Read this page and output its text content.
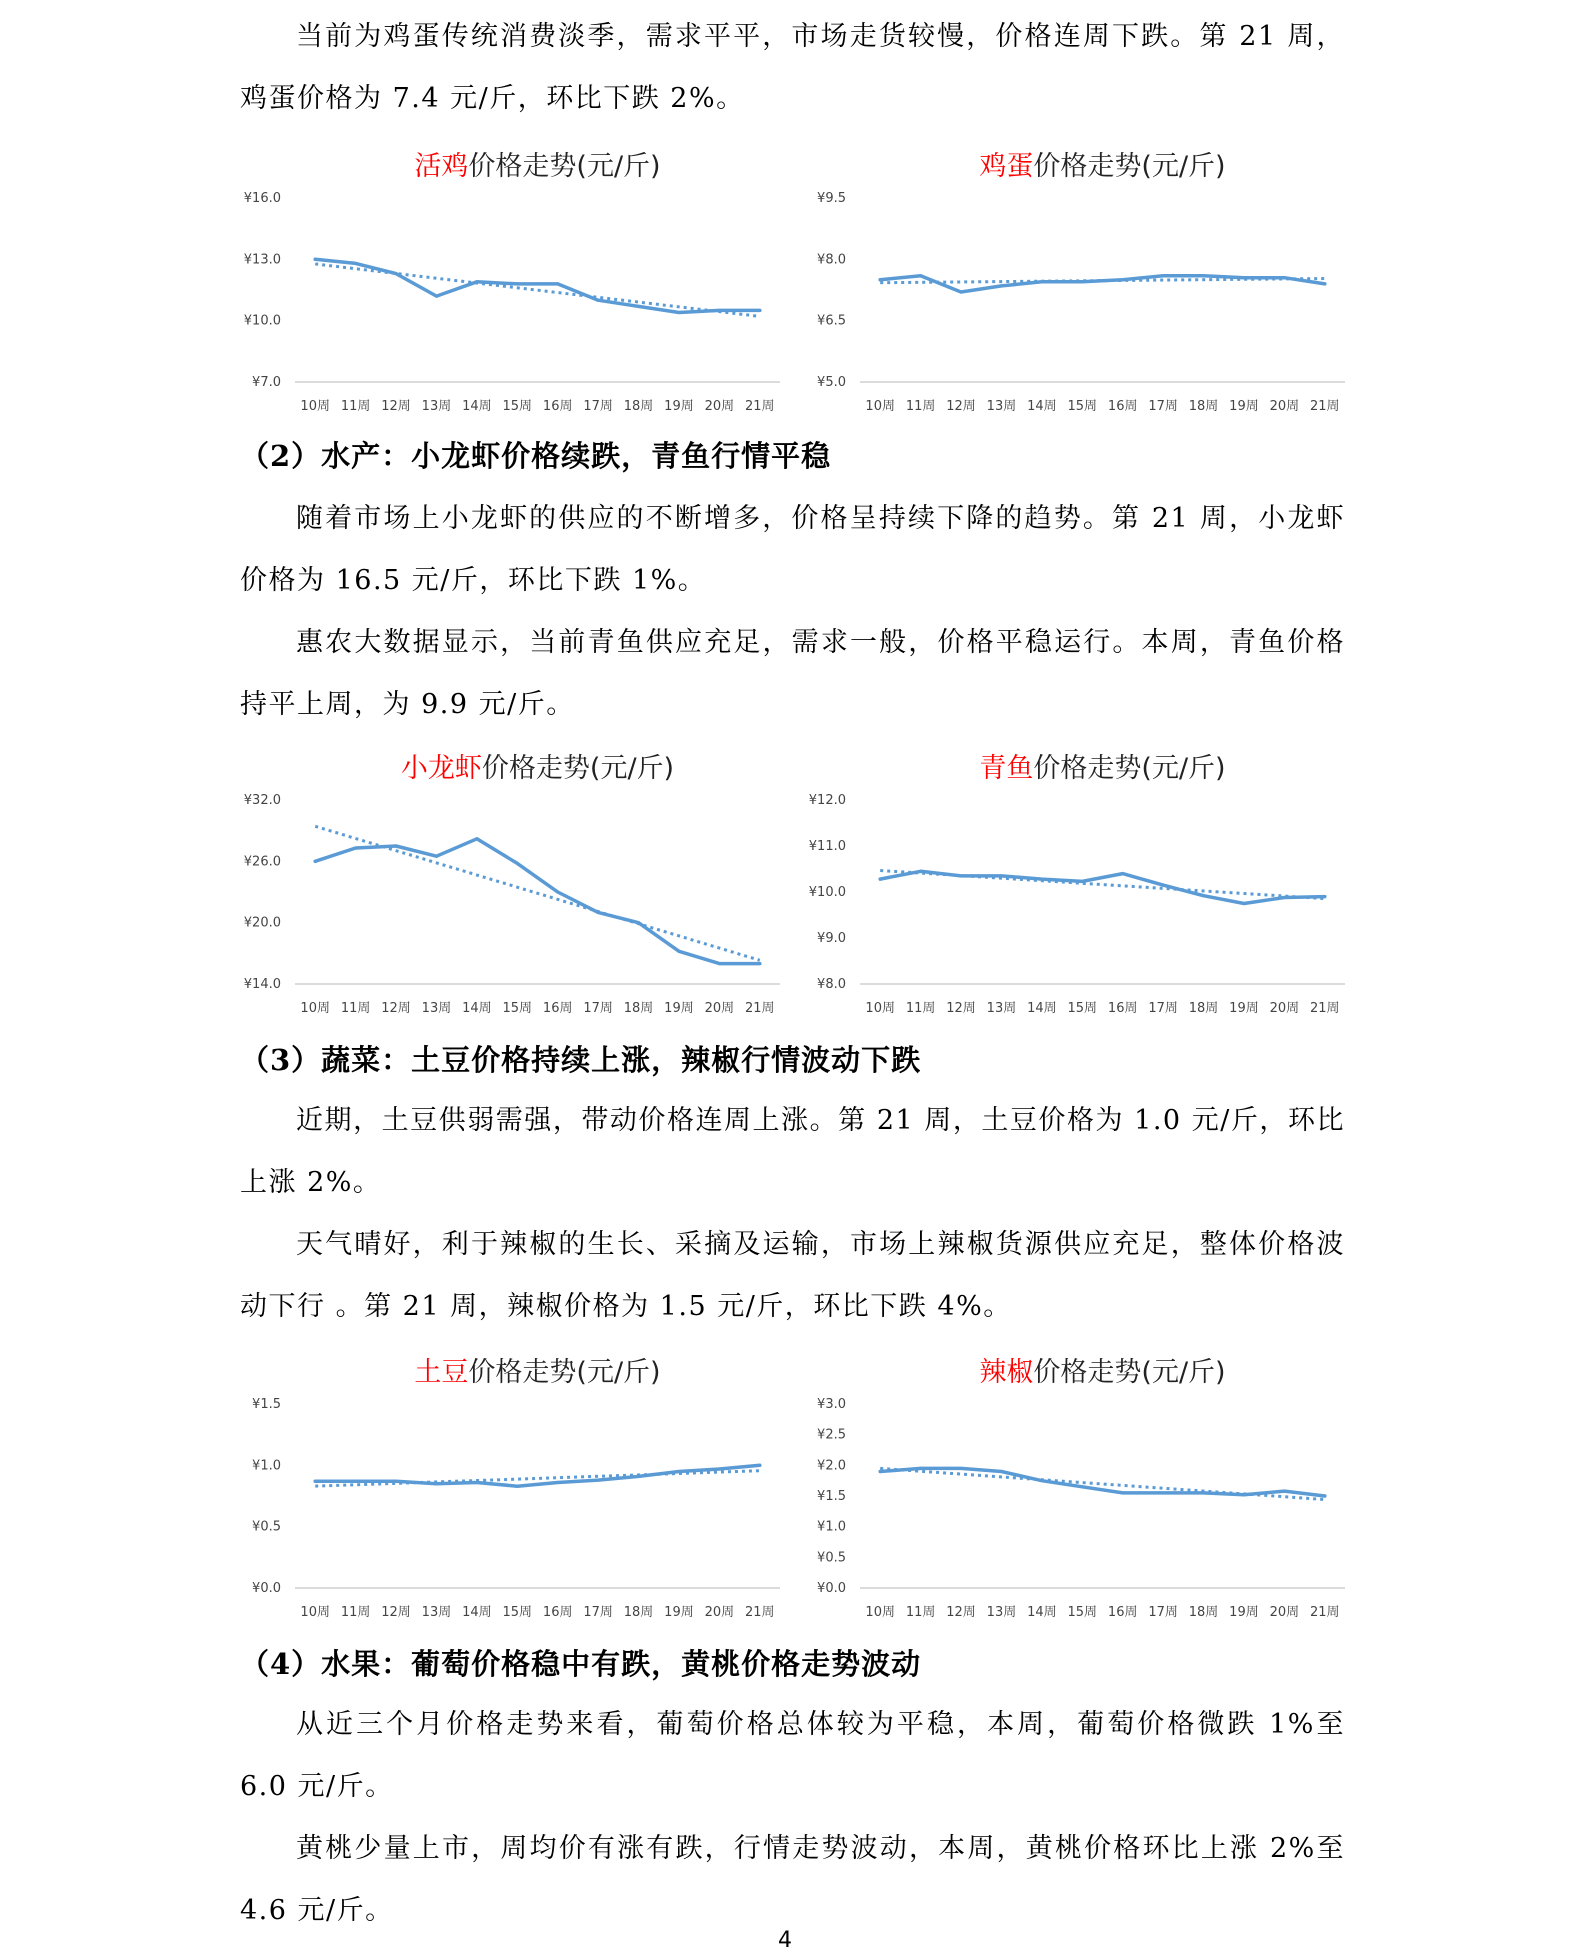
当前为鸡蛋传统消费淡季，需求平平，市场走货较慢，价格连周下跌。第 21 周，鸡蛋价格为 7.4 元/斤，环比下跌 2%。

活鸡价格走势(元/斤)
¥16.0
¥13.0
¥10.0
¥7.0
10周 11周 12周 13周 14周 15周 16周 17周 18周 19周 20周 21周
鸡蛋价格走势(元/斤)
¥9.5
¥8.0
¥6.5
¥5.0
10周 11周 12周 13周 14周 15周 16周 17周 18周 19周 20周 21周

（2）水产：小龙虾价格续跌，青鱼行情平稳

随着市场上小龙虾的供应的不断增多，价格呈持续下降的趋势。第 21 周，小龙虾价格为 16.5 元/斤，环比下跌 1%。

惠农大数据显示，当前青鱼供应充足，需求一般，价格平稳运行。本周，青鱼价格持平上周，为 9.9 元/斤。

小龙虾价格走势(元/斤)
¥32.0
¥26.0
¥20.0
¥14.0
10周 11周 12周 13周 14周 15周 16周 17周 18周 19周 20周 21周
青鱼价格走势(元/斤)
¥12.0
¥11.0
¥10.0
¥9.0
¥8.0
10周 11周 12周 13周 14周 15周 16周 17周 18周 19周 20周 21周

（3）蔬菜：土豆价格持续上涨，辣椒行情波动下跌

近期，土豆供弱需强，带动价格连周上涨。第 21 周，土豆价格为 1.0 元/斤，环比上涨 2%。

天气晴好，利于辣椒的生长、采摘及运输，市场上辣椒货源供应充足，整体价格波动下行 。第 21 周，辣椒价格为 1.5 元/斤，环比下跌 4%。

土豆价格走势(元/斤)
¥1.5
¥1.0
¥0.5
¥0.0
10周 11周 12周 13周 14周 15周 16周 17周 18周 19周 20周 21周
辣椒价格走势(元/斤)
¥3.0
¥2.5
¥2.0
¥1.5
¥1.0
¥0.5
¥0.0
10周 11周 12周 13周 14周 15周 16周 17周 18周 19周 20周 21周

（4）水果：葡萄价格稳中有跌，黄桃价格走势波动

从近三个月价格走势来看，葡萄价格总体较为平稳，本周，葡萄价格微跌 1%至 6.0 元/斤。

黄桃少量上市，周均价有涨有跌，行情走势波动，本周，黄桃价格环比上涨 2%至 4.6 元/斤。

4
